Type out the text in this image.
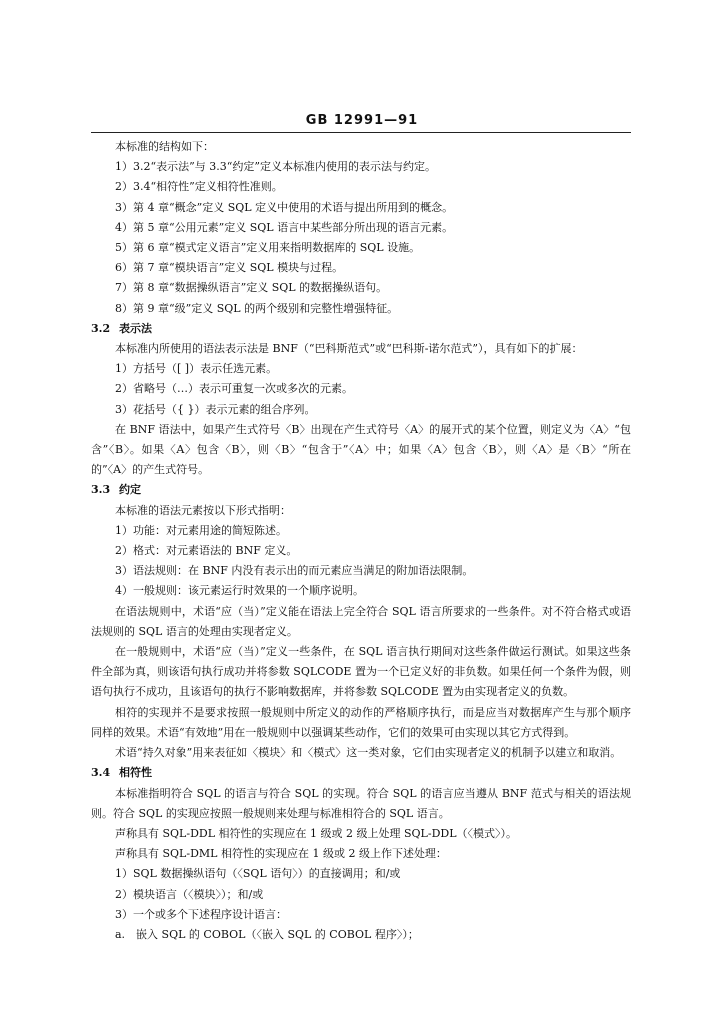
GB 12991—91
本标准的结构如下：
1）3.2“表示法”与 3.3“约定”定义本标准内使用的表示法与约定。
2）3.4“相符性”定义相符性准则。
3）第 4 章“概念”定义 SQL 定义中使用的术语与提出所用到的概念。
4）第 5 章“公用元素”定义 SQL 语言中某些部分所出现的语言元素。
5）第 6 章“模式定义语言”定义用来指明数据库的 SQL 设施。
6）第 7 章“模块语言”定义 SQL 模块与过程。
7）第 8 章“数据操纵语言”定义 SQL 的数据操纵语句。
8）第 9 章“级”定义 SQL 的两个级别和完整性增强特征。
3.2 表示法
本标准内所使用的语法表示法是 BNF（“巴科斯范式”或“巴科斯-诺尔范式”），具有如下的扩展：
1）方括号（[ ]）表示任选元素。
2）省略号（…）表示可重复一次或多次的元素。
3）花括号（{ }）表示元素的组合序列。
在 BNF 语法中，如果产生式符号〈B〉出现在产生式符号〈A〉的展开式的某个位置，则定义为〈A〉“包含”〈B〉。如果〈A〉包含〈B〉，则〈B〉“包含于”〈A〉中；如果〈A〉包含〈B〉，则〈A〉是〈B〉“所在的”〈A〉的产生式符号。
3.3 约定
本标准的语法元素按以下形式指明：
1）功能：对元素用途的简短陈述。
2）格式：对元素语法的 BNF 定义。
3）语法规则：在 BNF 内没有表示出的而元素应当满足的附加语法限制。
4）一般规则：该元素运行时效果的一个顺序说明。
在语法规则中，术语“应（当）”定义能在语法上完全符合 SQL 语言所要求的一些条件。对不符合格式或语法规则的 SQL 语言的处理由实现者定义。
在一般规则中，术语“应（当）”定义一些条件，在 SQL 语言执行期间对这些条件做运行测试。如果这些条件全部为真，则该语句执行成功并将参数 SQLCODE 置为一个已定义好的非负数。如果任何一个条件为假，则语句执行不成功，且该语句的执行不影响数据库，并将参数 SQLCODE 置为由实现者定义的负数。
相符的实现并不是要求按照一般规则中所定义的动作的严格顺序执行，而是应当对数据库产生与那个顺序同样的效果。术语“有效地”用在一般规则中以强调某些动作，它们的效果可由实现以其它方式得到。
术语“持久对象”用来表征如〈模块〉和〈模式〉这一类对象，它们由实现者定义的机制予以建立和取消。
3.4 相符性
本标准指明符合 SQL 的语言与符合 SQL 的实现。符合 SQL 的语言应当遵从 BNF 范式与相关的语法规则。符合 SQL 的实现应按照一般规则来处理与标准相符合的 SQL 语言。
声称具有 SQL-DDL 相符性的实现应在 1 级或 2 级上处理 SQL-DDL（〈模式〉）。
声称具有 SQL-DML 相符性的实现应在 1 级或 2 级上作下述处理：
1）SQL 数据操纵语句（〈SQL 语句〉）的直接调用；和/或
2）模块语言（〈模块〉）；和/或
3）一个或多个下述程序设计语言：
a.　嵌入 SQL 的 COBOL（〈嵌入 SQL 的 COBOL 程序〉）；
